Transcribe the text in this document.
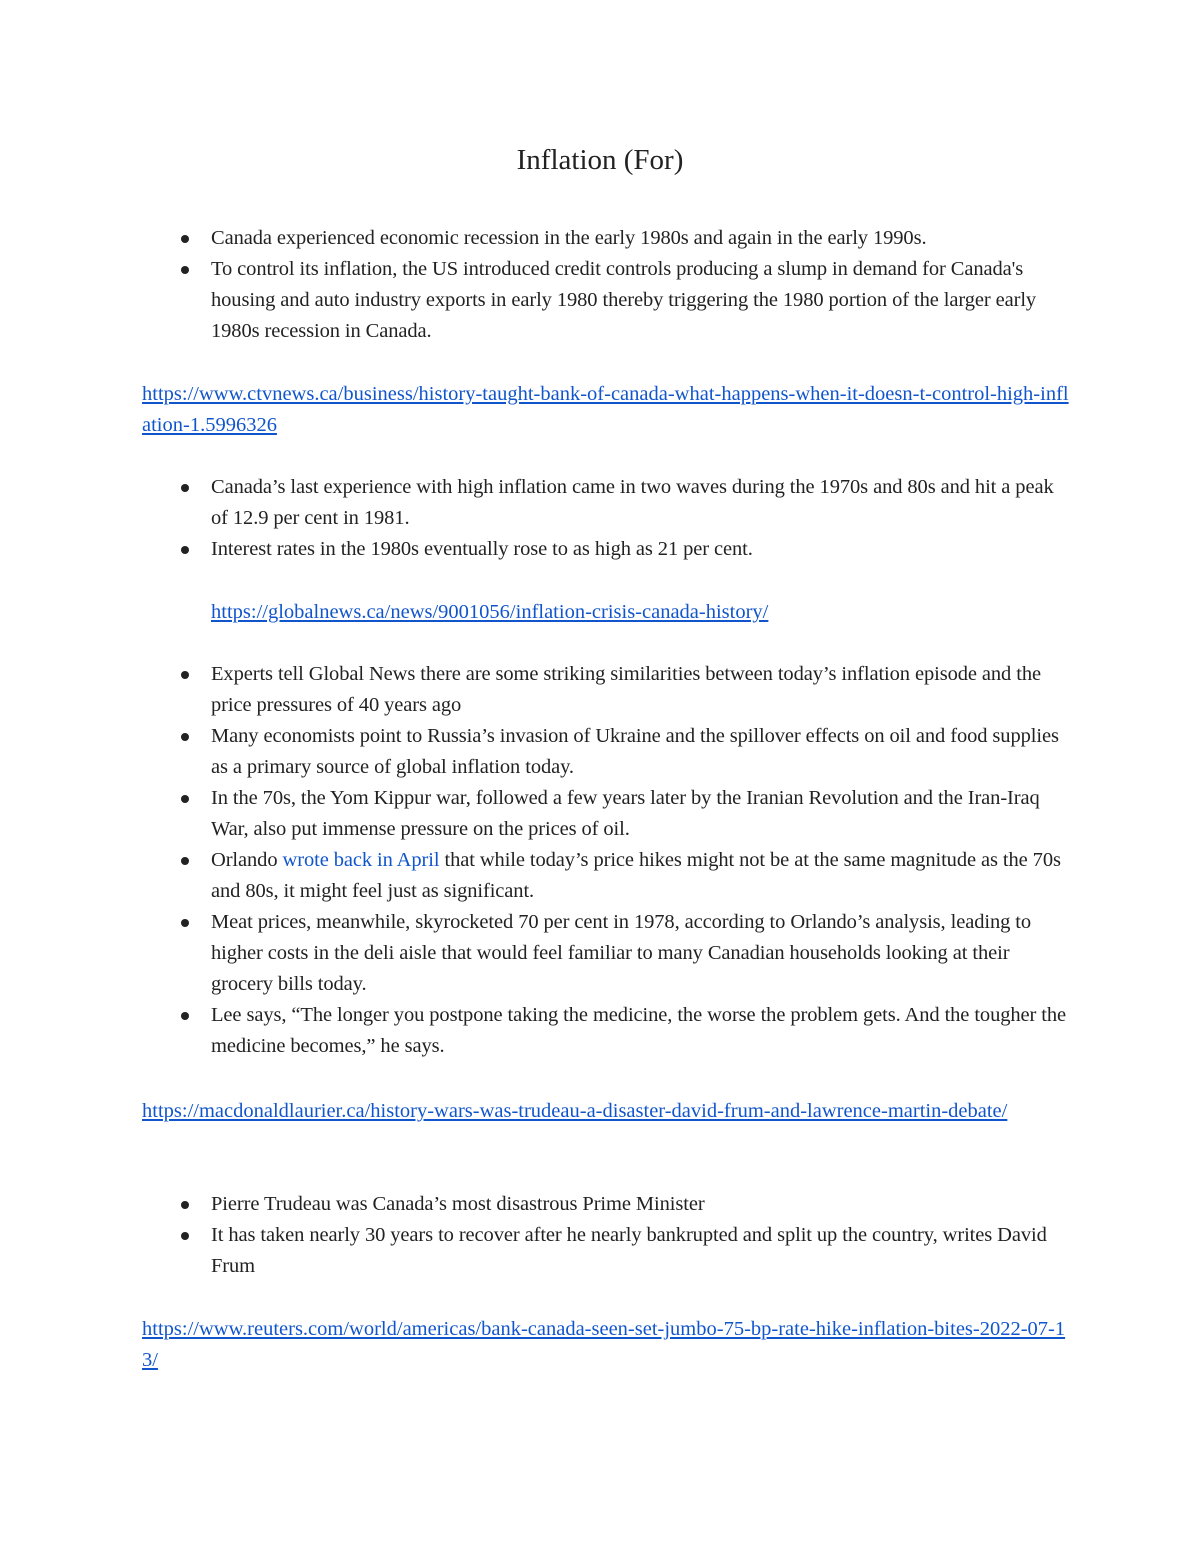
Inflation (For)
Canada experienced economic recession in the early 1980s and again in the early 1990s.
To control its inflation, the US introduced credit controls producing a slump in demand for Canada's housing and auto industry exports in early 1980 thereby triggering the 1980 portion of the larger early 1980s recession in Canada.
https://www.ctvnews.ca/business/history-taught-bank-of-canada-what-happens-when-it-doesn-t-control-high-inflation-1.5996326
Canada’s last experience with high inflation came in two waves during the 1970s and 80s and hit a peak of 12.9 per cent in 1981.
Interest rates in the 1980s eventually rose to as high as 21 per cent.
https://globalnews.ca/news/9001056/inflation-crisis-canada-history/
Experts tell Global News there are some striking similarities between today’s inflation episode and the price pressures of 40 years ago
Many economists point to Russia’s invasion of Ukraine and the spillover effects on oil and food supplies as a primary source of global inflation today.
In the 70s, the Yom Kippur war, followed a few years later by the Iranian Revolution and the Iran-Iraq War, also put immense pressure on the prices of oil.
Orlando wrote back in April that while today’s price hikes might not be at the same magnitude as the 70s and 80s, it might feel just as significant.
Meat prices, meanwhile, skyrocketed 70 per cent in 1978, according to Orlando’s analysis, leading to higher costs in the deli aisle that would feel familiar to many Canadian households looking at their grocery bills today.
Lee says, “The longer you postpone taking the medicine, the worse the problem gets. And the tougher the medicine becomes,” he says.
https://macdonaldlaurier.ca/history-wars-was-trudeau-a-disaster-david-frum-and-lawrence-martin-debate/
Pierre Trudeau was Canada’s most disastrous Prime Minister
It has taken nearly 30 years to recover after he nearly bankrupted and split up the country, writes David Frum
https://www.reuters.com/world/americas/bank-canada-seen-set-jumbo-75-bp-rate-hike-inflation-bites-2022-07-13/
